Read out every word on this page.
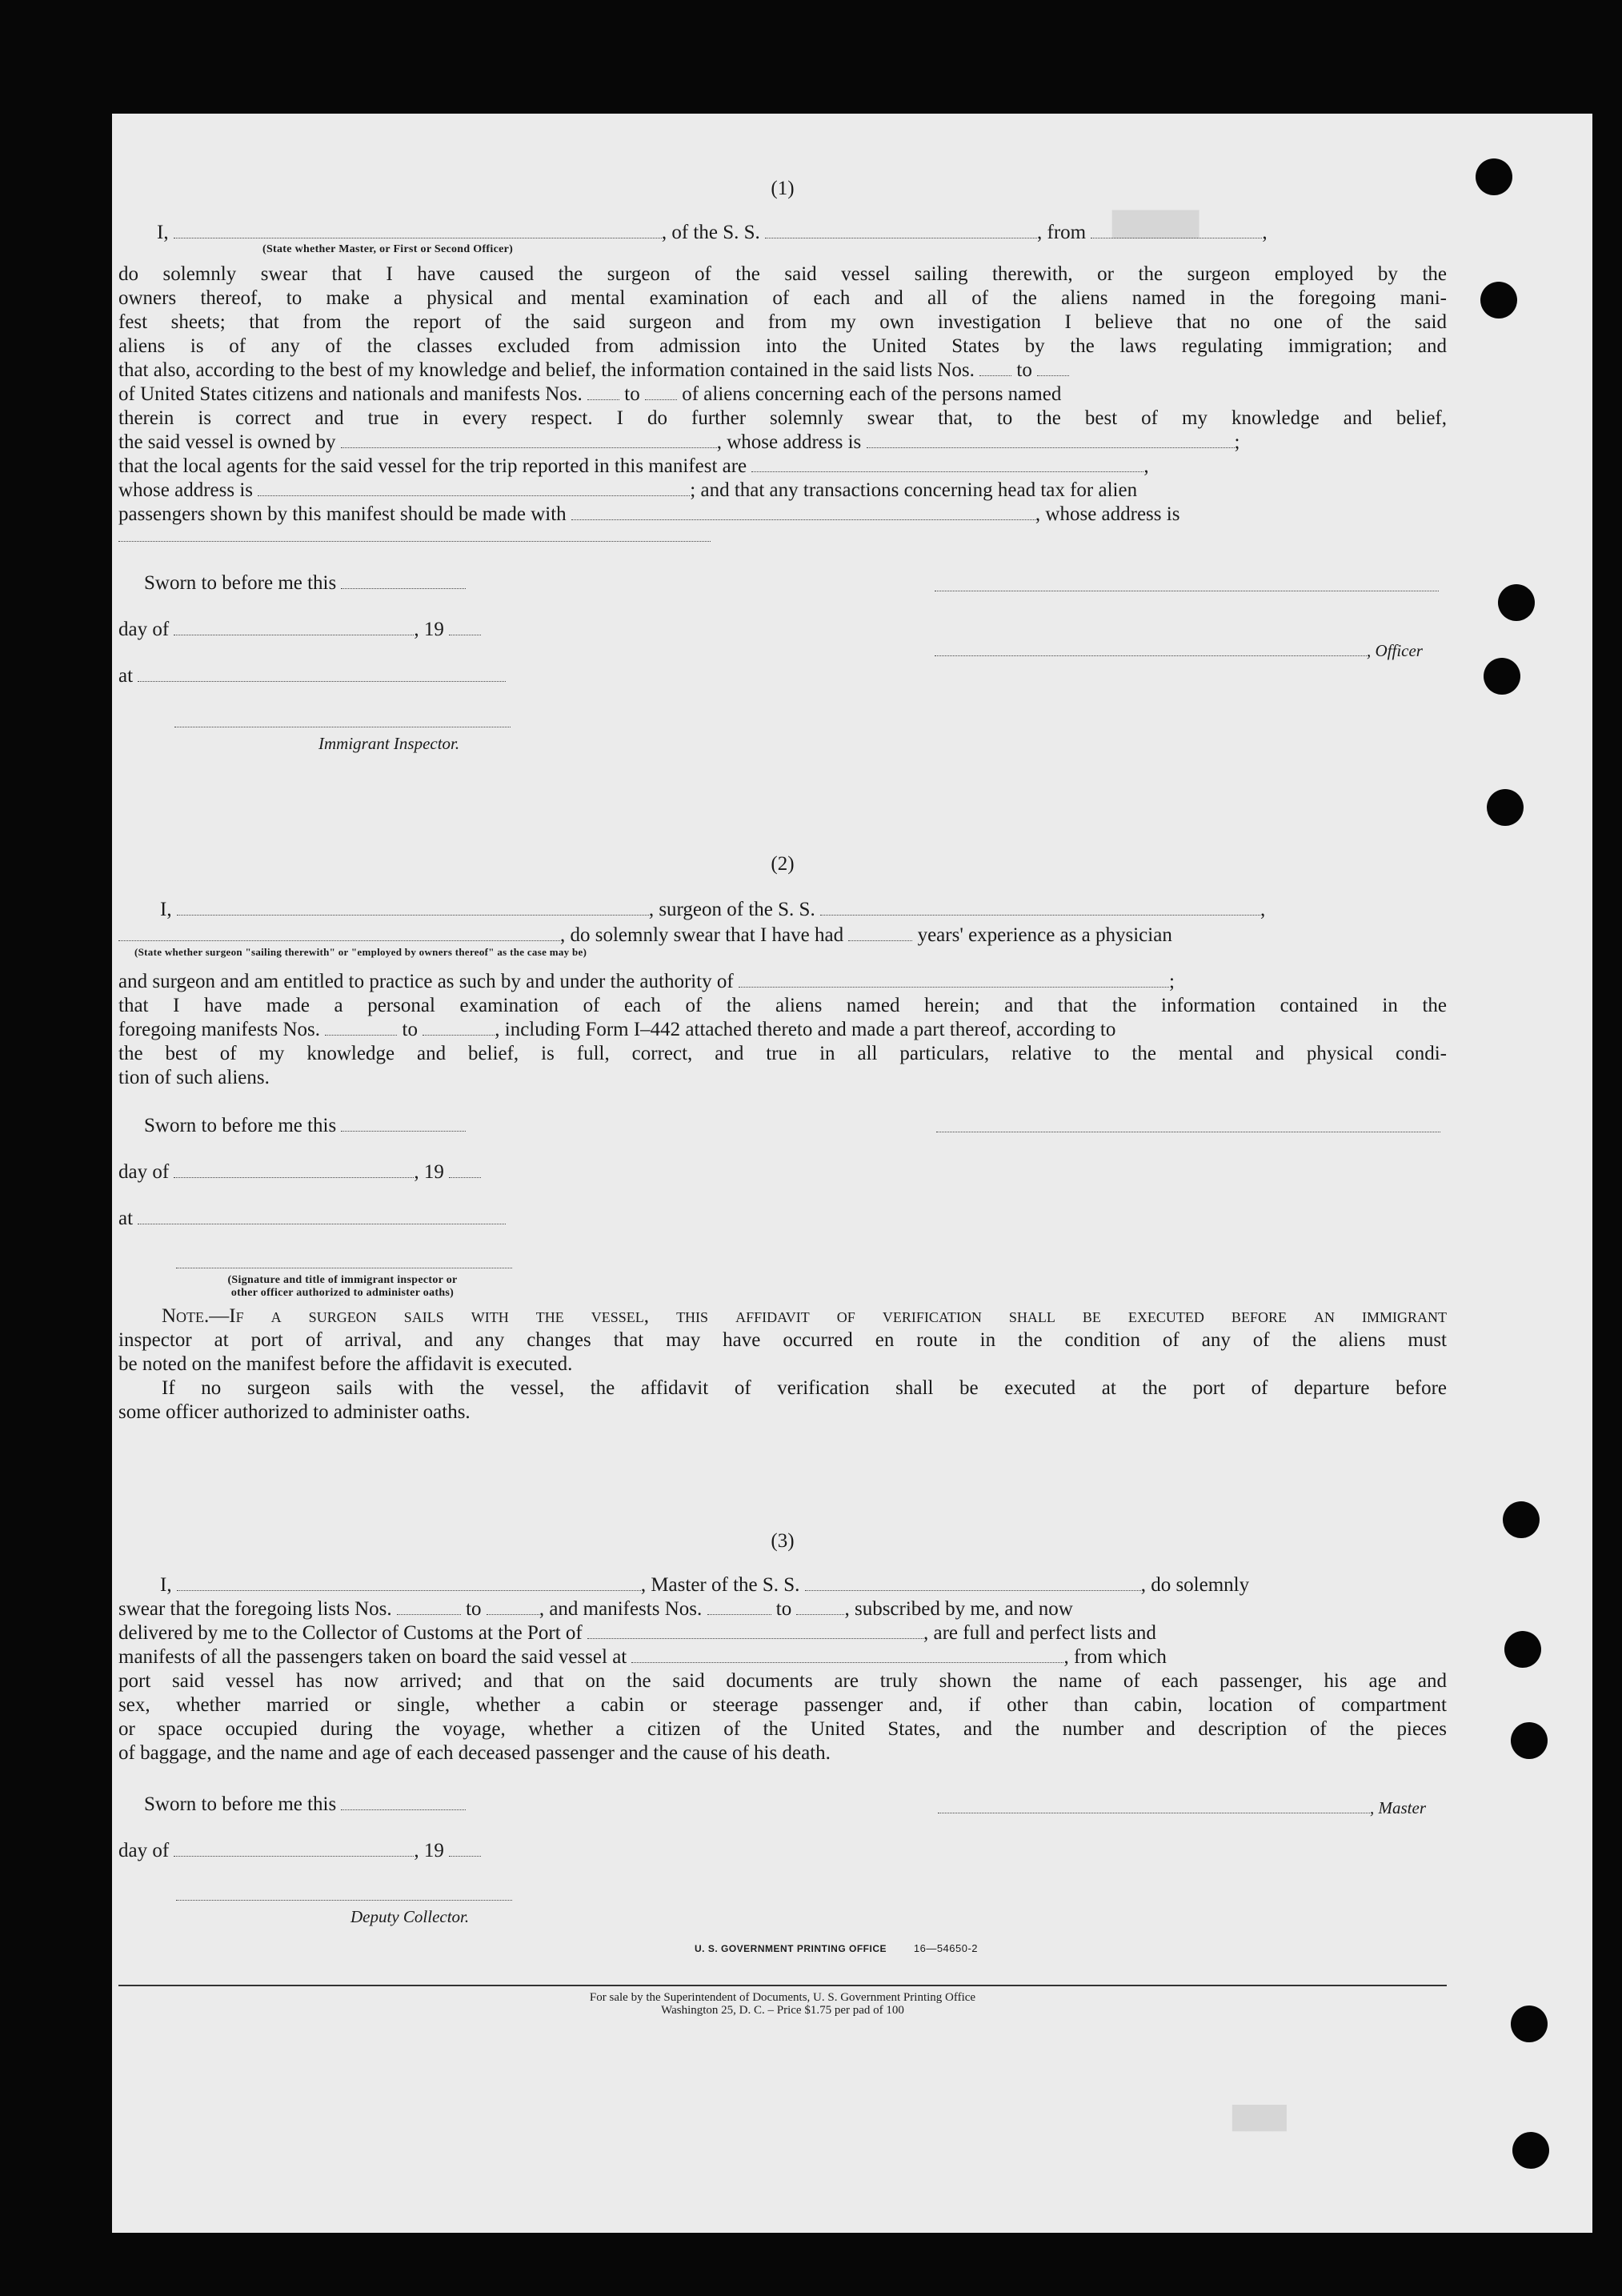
██████
████
(1)
I,	, of the S. S.	, from	,
(State whether Master, or First or Second Officer)
do solemnly swear that I have caused the surgeon of the said vessel sailing therewith, or the surgeon employed by the
owners thereof, to make a physical and mental examination of each and all of the aliens named in the foregoing mani-
fest sheets; that from the report of the said surgeon and from my own investigation I believe that no one of the said
aliens is of any of the classes excluded from admission into the United States by the laws regulating immigration; and
that also, according to the best of my knowledge and belief, the information contained in the said lists Nos. to
of United States citizens and nationals and manifests Nos. to of aliens concerning each of the persons named
therein is correct and true in every respect. I do further solemnly swear that, to the best of my knowledge and belief,
the said vessel is owned by	, whose address is	;
that the local agents for the said vessel for the trip reported in this manifest are	,
whose address is	; and that any transactions concerning head tax for alien
passengers shown by this manifest should be made with	, whose address is
Sworn to before me this
day of	, 19
, Officer
at
Immigrant Inspector.
(2)
I,	, surgeon of the S. S.	,
, do solemnly swear that I have had	years' experience as a physician
(State whether surgeon "sailing therewith" or "employed by owners thereof" as the case may be)
and surgeon and am entitled to practice as such by and under the authority of	;
that I have made a personal examination of each of the aliens named herein; and that the information contained in the
foregoing manifests Nos.	to	, including Form I–442 attached thereto and made a part thereof, according to
the best of my knowledge and belief, is full, correct, and true in all particulars, relative to the mental and physical condi-
tion of such aliens.
Sworn to before me this
day of	, 19
at
(Signature and title of immigrant inspector or
other officer authorized to administer oaths)
Note.—If a surgeon sails with the vessel, this affidavit of verification shall be executed before an immigrant
inspector at port of arrival, and any changes that may have occurred en route in the condition of any of the aliens must
be noted on the manifest before the affidavit is executed.
If no surgeon sails with the vessel, the affidavit of verification shall be executed at the port of departure before
some officer authorized to administer oaths.
(3)
I,	, Master of the S. S.	, do solemnly
swear that the foregoing lists Nos.	to	, and manifests Nos.	to	, subscribed by me, and now
delivered by me to the Collector of Customs at the Port of	, are full and perfect lists and
manifests of all the passengers taken on board the said vessel at	, from which
port said vessel has now arrived; and that on the said documents are truly shown the name of each passenger, his age and
sex, whether married or single, whether a cabin or steerage passenger and, if other than cabin, location of compartment
or space occupied during the voyage, whether a citizen of the United States, and the number and description of the pieces
of baggage, and the name and age of each deceased passenger and the cause of his death.
Sworn to before me this	, Master
day of	, 19
Deputy Collector.
U. S. GOVERNMENT PRINTING OFFICE	16—54650-2
For sale by the Superintendent of Documents, U. S. Government Printing Office
Washington 25, D. C. – Price $1.75 per pad of 100
